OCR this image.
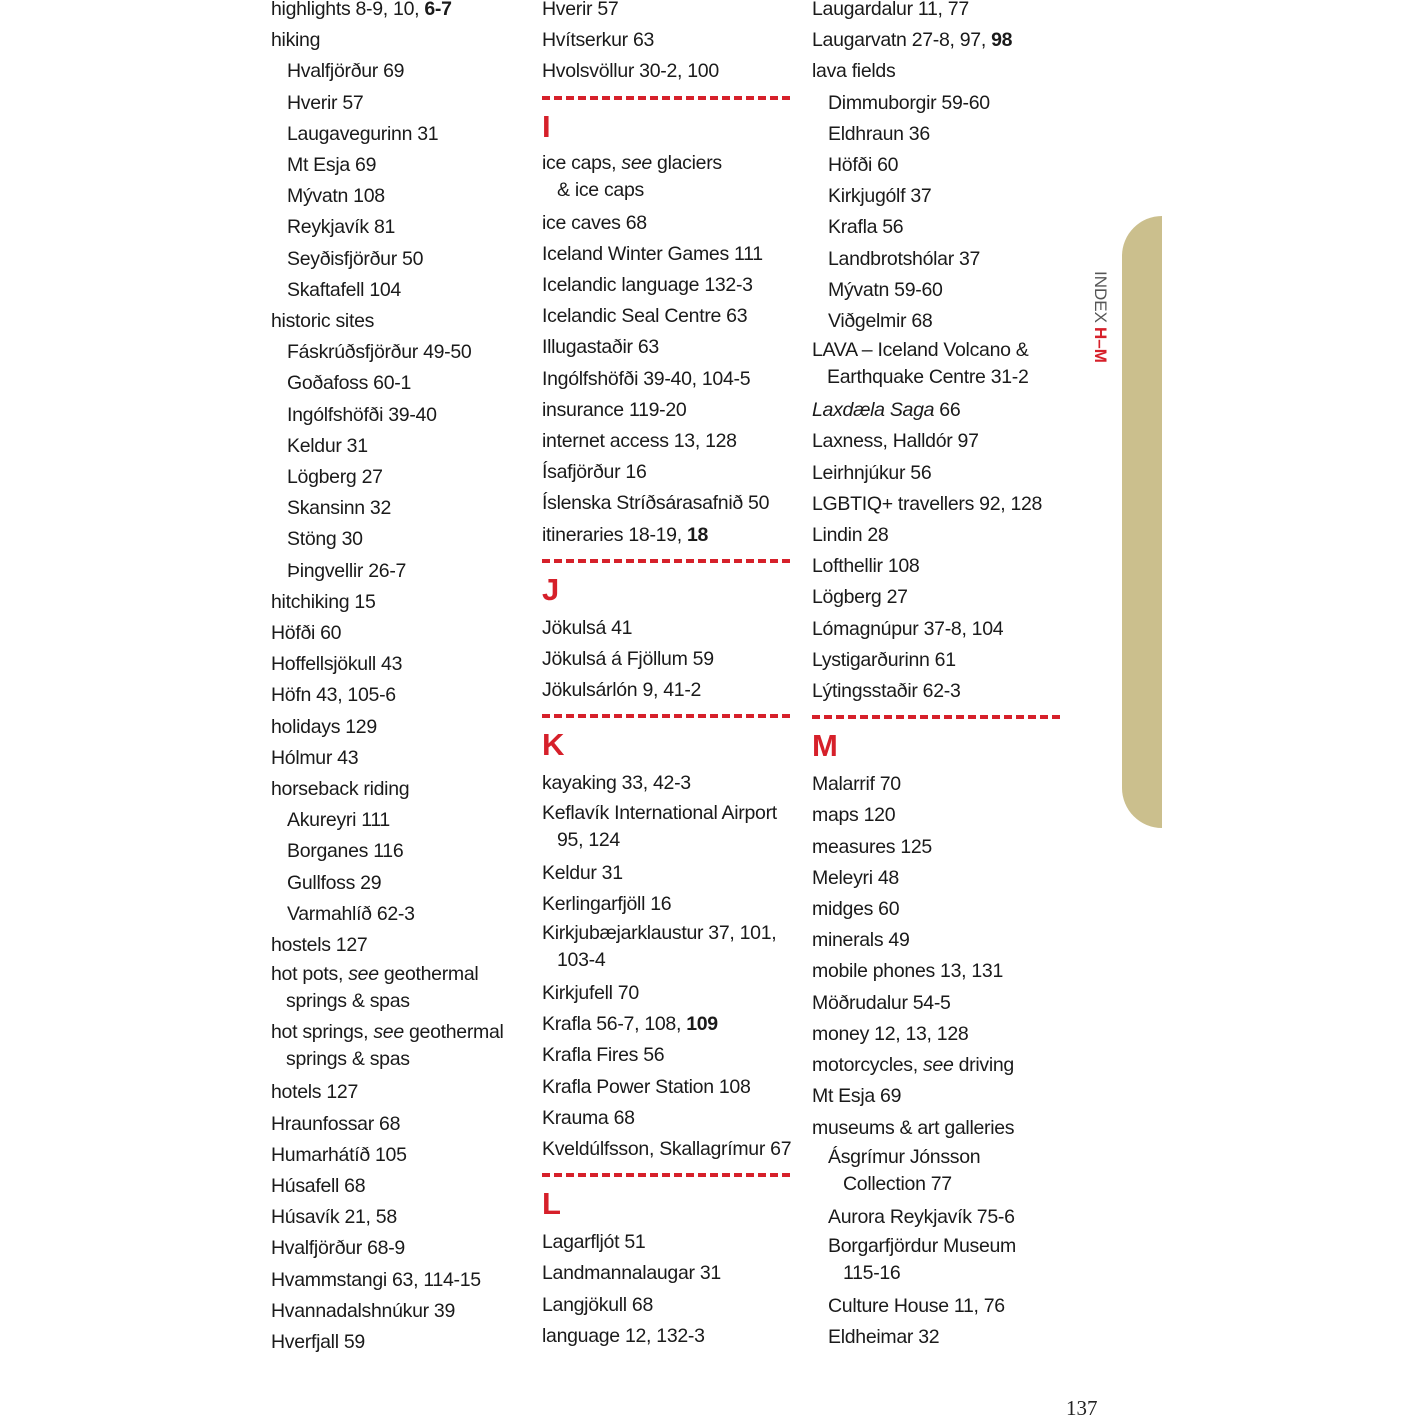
highlights 8-9, 10, 6-7
hiking
Hvalfjörður 69
Hverir 57
Laugavegurinn 31
Mt Esja 69
Mývatn 108
Reykjavík 81
Seyðisfjörður 50
Skaftafell 104
historic sites
Fáskrúðsfjörður 49-50
Goðafoss 60-1
Ingólfshöfði 39-40
Keldur 31
Lögberg 27
Skansinn 32
Stöng 30
Þingvellir 26-7
hitchiking 15
Höfði 60
Hoffellsjökull 43
Höfn 43, 105-6
holidays 129
Hólmur 43
horseback riding
Akureyri 111
Borganes 116
Gullfoss 29
Varmahlíð 62-3
hostels 127
hot pots, see geothermal
springs & spas
hot springs, see geothermal
springs & spas
hotels 127
Hraunfossar 68
Humarhátíð 105
Húsafell 68
Húsavík 21, 58
Hvalfjörður 68-9
Hvammstangi 63, 114-15
Hvannadalshnúkur 39
Hverfjall 59
Hverir 57
Hvítserkur 63
Hvolsvöllur 30-2, 100
I
ice caps, see glaciers
& ice caps
ice caves 68
Iceland Winter Games 111
Icelandic language 132-3
Icelandic Seal Centre 63
Illugastaðir 63
Ingólfshöfði 39-40, 104-5
insurance 119-20
internet access 13, 128
Ísafjörður 16
Íslenska Stríðsárasafnið 50
itineraries 18-19, 18
J
Jökulsá 41
Jökulsá á Fjöllum 59
Jökulsárlón 9, 41-2
K
kayaking 33, 42-3
Keflavík International Airport
95, 124
Keldur 31
Kerlingarfjöll 16
Kirkjubæjarklaustur 37, 101,
103-4
Kirkjufell 70
Krafla 56-7, 108, 109
Krafla Fires 56
Krafla Power Station 108
Krauma 68
Kveldúlfsson, Skallagrímur 67
L
Lagarfljót 51
Landmannalaugar 31
Langjökull 68
language 12, 132-3
Laugardalur 11, 77
Laugarvatn 27-8, 97, 98
lava fields
Dimmuborgir 59-60
Eldhraun 36
Höfði 60
Kirkjugólf 37
Krafla 56
Landbrotshólar 37
Mývatn 59-60
Viðgelmir 68
LAVA – Iceland Volcano &
Earthquake Centre 31-2
Laxdæla Saga 66
Laxness, Halldór 97
Leirhnjúkur 56
LGBTIQ+ travellers 92, 128
Lindin 28
Lofthellir 108
Lögberg 27
Lómagnúpur 37-8, 104
Lystigarðurinn 61
Lýtingsstaðir 62-3
M
Malarrif 70
maps 120
measures 125
Meleyri 48
midges 60
minerals 49
mobile phones 13, 131
Möðrudalur 54-5
money 12, 13, 128
motorcycles, see driving
Mt Esja 69
museums & art galleries
Ásgrímur Jónsson
Collection 77
Aurora Reykjavík 75-6
Borgarfjördur Museum
115-16
Culture House 11, 76
Eldheimar 32
INDEXH–M
137
